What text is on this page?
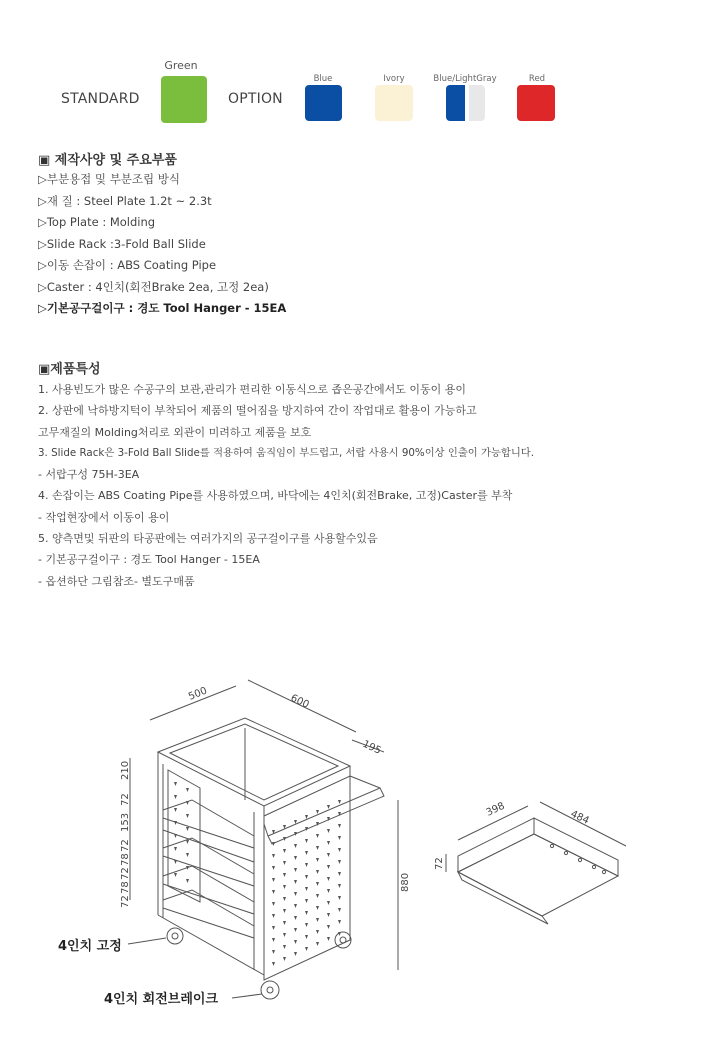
STANDARD
Green
OPTION
Blue	Ivory	Blue/LightGray	Red
▣ 제작사양 및 주요부품
▷부분용접 및 부분조립 방식
▷재 질 : Steel Plate 1.2t ~ 2.3t
▷Top Plate : Molding
▷Slide Rack :3-Fold Ball Slide
▷이동 손잡이 : ABS Coating Pipe
▷Caster : 4인치(회전Brake 2ea, 고정 2ea)
▷기본공구걸이구 : 경도 Tool Hanger - 15EA
▣제품특성
1. 사용빈도가 많은 수공구의 보관,관리가 편리한 이동식으로 좁은공간에서도 이동이 용이
2. 상판에 낙하방지턱이 부착되어 제품의 떨어짐을 방지하여 간이 작업대로 활용이 가능하고
고무재질의 Molding처리로 외관이 미려하고 제품을 보호
3. Slide Rack은 3-Fold Ball Slide를 적용하여 움직임이 부드럽고, 서랍 사용시 90%이상 인출이 가능합니다.
- 서랍구성 75H-3EA
4. 손잡이는 ABS Coating Pipe를 사용하였으며, 바닥에는 4인치(회전Brake, 고정)Caster를 부착
- 작업현장에서 이동이 용이
5. 양측면및 뒤판의 타공판에는 여러가지의 공구걸이구를 사용할수있음
- 기본공구걸이구 : 경도 Tool Hanger - 15EA
- 옵션하단 그림참조- 별도구매품
500	600
195
880
210
72
153
72
78
72
78
72
4인치 고정
4인치 회전브레이크
398	484
72
